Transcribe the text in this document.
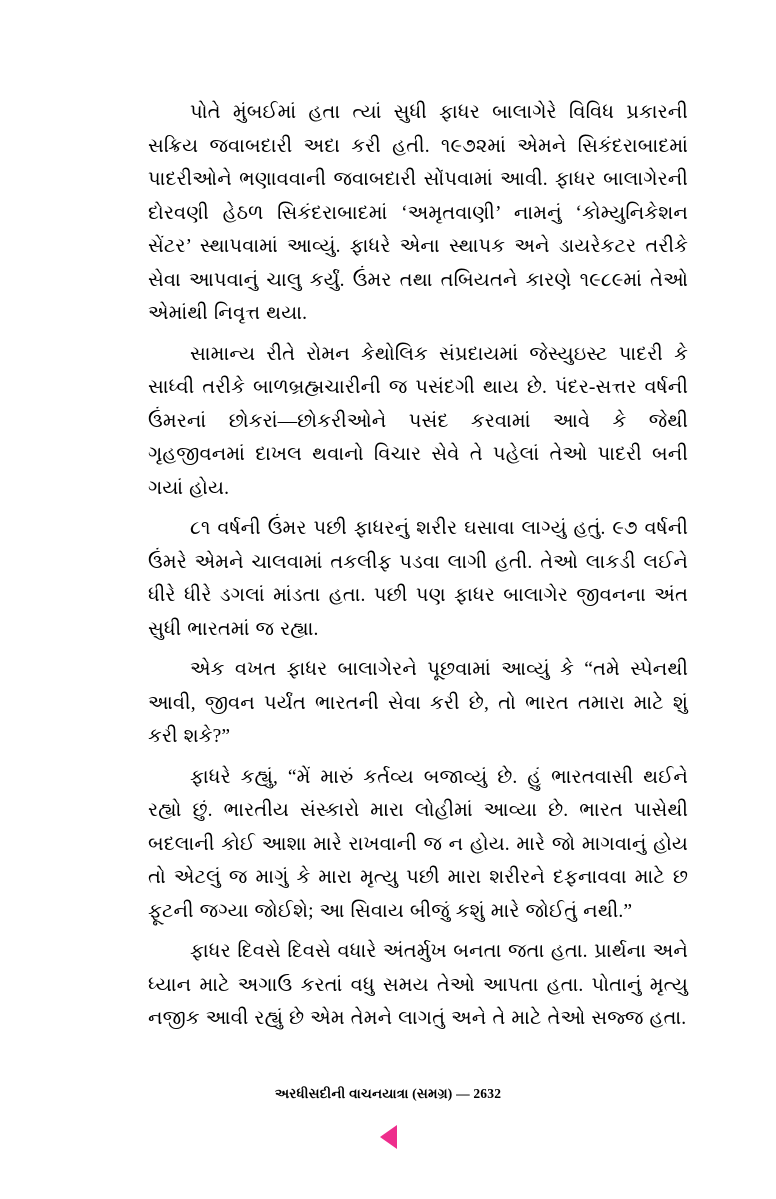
પોતે મુંબઈમાં હતા ત્યાં સુધી ફાધર બાલાગેરે વિવિધ પ્રકારની સક્રિય જવાબદારી અદા કરી હતી. ૧૯૭૨માં એમને સિકંદરાબાદમાં પાદરીઓને ભણાવવાની જવાબદારી સોંપવામાં આવી. ફાધર બાલાગેરની દોરવણી હેઠળ સિકંદરાબાદમાં ‘અમૃતવાણી’ નામનું ‘કોમ્યુનિકેશન સેંટર’ સ્થાપવામાં આવ્યું. ફાધરે એના સ્થાપક અને ડાયરેકટર તરીકે સેવા આપવાનું ચાલુ કર્યું. ઉંમર તથા તબિયતને કારણે ૧૯૮૯માં તેઓ એમાંથી નિવૃત્ત થયા.

સામાન્ય રીતે રોમન કેથોલિક સંપ્રદાયમાં જેસ્યુઇસ્ટ પાદરી કે સાધ્વી તરીકે બાળબ્રહ્મચારીની જ પસંદગી થાય છે. પંદર-સત્તર વર્ષની ઉંમરનાં છોકરાં—છોકરીઓને પસંદ કરવામાં આવે કે જેથી ગૃહજીવનમાં દાખલ થવાનો વિચાર સેવે તે પહેલાં તેઓ પાદરી બની ગયાં હોય.

૮૧ વર્ષની ઉંમર પછી ફાધરનું શરીર ઘસાવા લાગ્યું હતું. ૯૭ વર્ષની ઉંમરે એમને ચાલવામાં તકલીફ પડવા લાગી હતી. તેઓ લાકડી લઈને ધીરે ધીરે ડગલાં માંડતા હતા. પછી પણ ફાધર બાલાગેર જીવનના અંત સુધી ભારતમાં જ રહ્યા.

એક વખત ફાધર બાલાગેરને પૂછવામાં આવ્યું કે “તમે સ્પેનથી આવી, જીવન પર્યંત ભારતની સેવા કરી છે, તો ભારત તમારા માટે શું કરી શકે?”

ફાધરે કહ્યું, “મેં મારું કર્તવ્ય બજાવ્યું છે. હું ભારતવાસી થઈને રહ્યો છું. ભારતીય સંસ્કારો મારા લોહીમાં આવ્યા છે. ભારત પાસેથી બદલાની કોઈ આશા મારે રાખવાની જ ન હોય. મારે જો માગવાનું હોય તો એટલું જ માગું કે મારા મૃત્યુ પછી મારા શરીરને દફનાવવા માટે છ ફૂટની જગ્યા જોઈશે; આ સિવાય બીજું કશું મારે જોઈતું નથી.”

ફાધર દિવસે દિવસે વધારે અંતર્મુખ બનતા જતા હતા. પ્રાર્થના અને ધ્યાન માટે અગાઉ કરતાં વધુ સમય તેઓ આપતા હતા. પોતાનું મૃત્યુ નજીક આવી રહ્યું છે એમ તેમને લાગતું અને તે માટે તેઓ સજ્જ હતા.

અરધીસદીની વાચનયાત્રા (સમગ્ર) — 2632
